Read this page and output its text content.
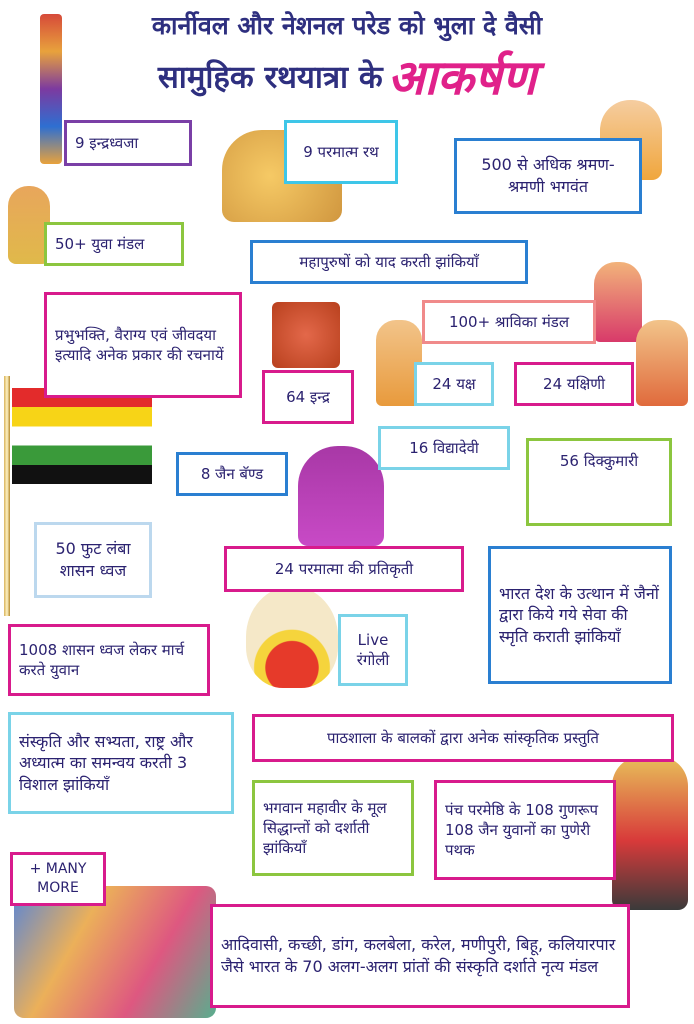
कार्नीवल और नेशनल परेड को भुला दे वैसी
सामुहिक रथयात्रा के आकर्षण
9 इन्द्रध्वजा	9 परमात्म रथ
500 से अधिक श्रमण-श्रमणी भगवंत
50+ युवा मंडल
महापुरुषों को याद करती झांकियाँ
प्रभुभक्ति, वैराग्य एवं जीवदया इत्यादि अनेक प्रकार की रचनायें
100+ श्राविका मंडल
64 इन्द्र
24 यक्ष	24 यक्षिणी
16 विद्यादेवी
56 दिक्कुमारी
8 जैन बॅण्ड
50 फुट लंबा शासन ध्वज	24 परमात्मा की प्रतिकृती
भारत देश के उत्थान में जैनों द्वारा किये गये सेवा की स्मृति कराती झांकियाँ
1008 शासन ध्वज लेकर मार्च करते युवान
Live रंगोली
संस्कृति और सभ्यता, राष्ट्र और अध्यात्म का समन्वय करती 3 विशाल झांकियाँ
पाठशाला के बालकों द्वारा अनेक सांस्कृतिक प्रस्तुति
भगवान महावीर के मूल सिद्धान्तों को दर्शाती झांकियाँ
पंच परमेष्ठि के 108 गुणरूप 108 जैन युवानों का पुणेरी पथक
+ MANY MORE
आदिवासी, कच्छी, डांग, कलबेला, करेल, मणीपुरी, बिहू, कलियारपार जैसे भारत के 70 अलग-अलग प्रांतों की संस्कृति दर्शाते नृत्य मंडल
